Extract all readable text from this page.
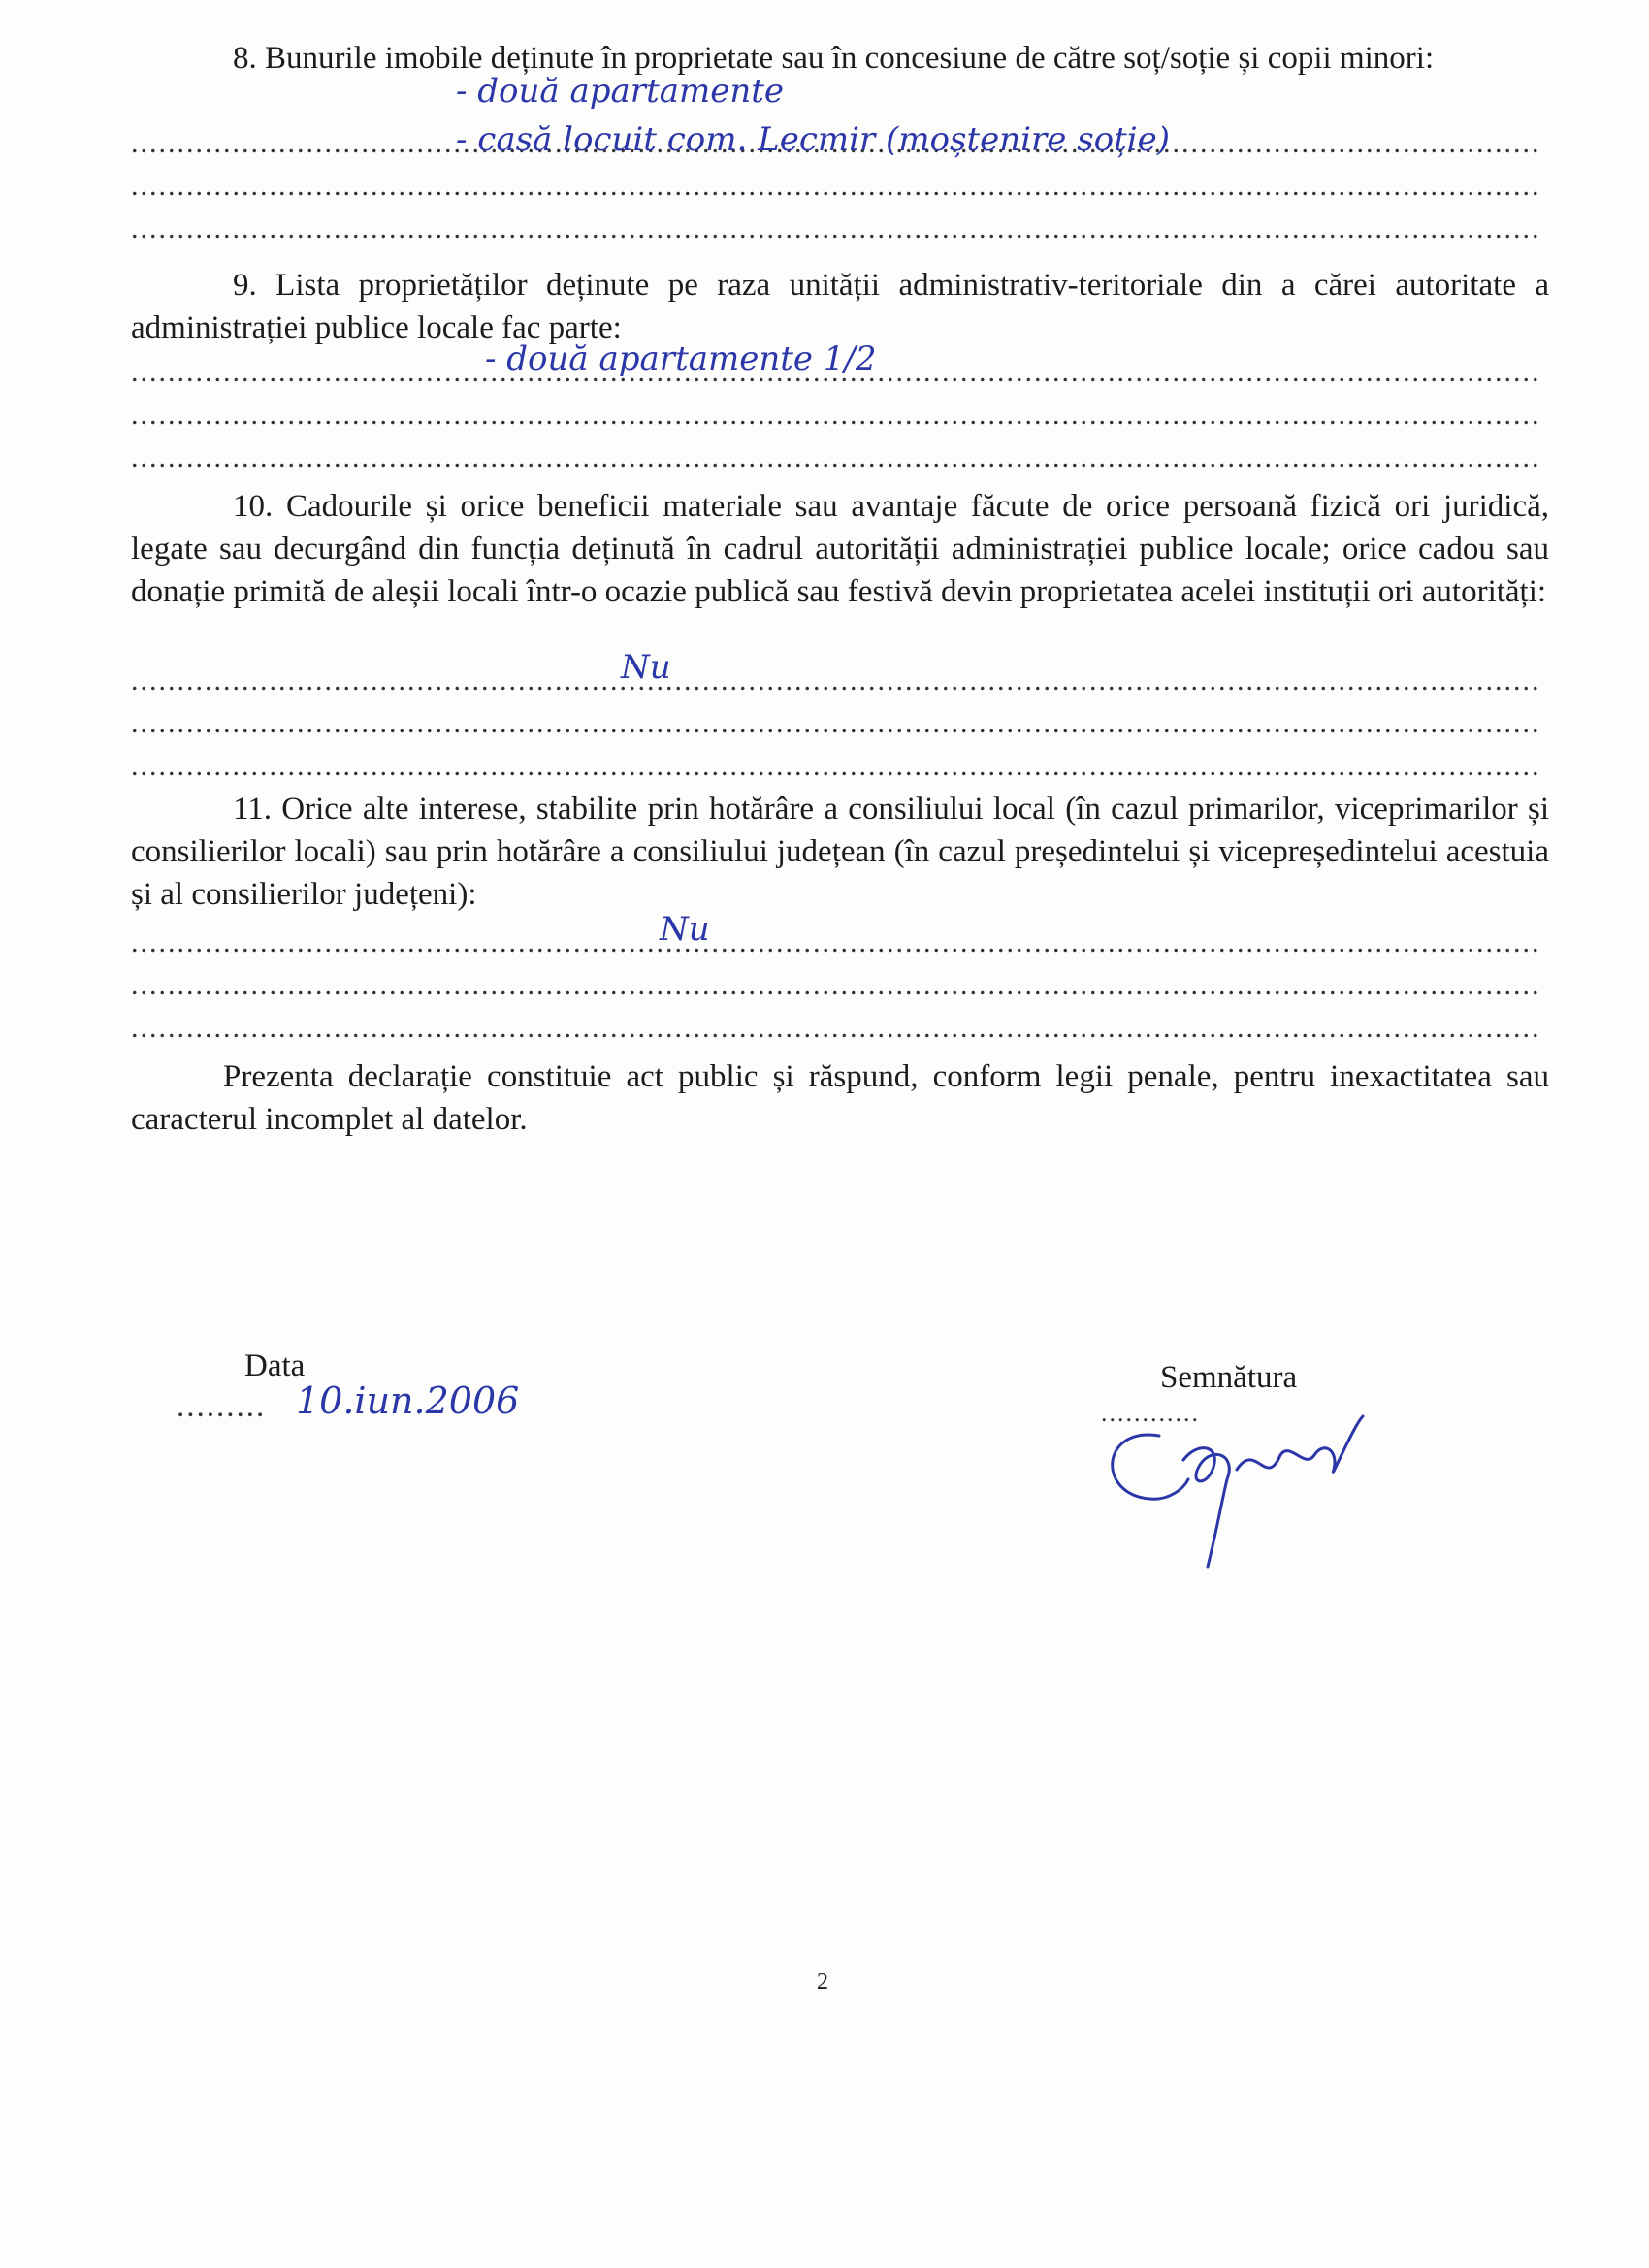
8. Bunurile imobile deținute în proprietate sau în concesiune de către soț/soție și copii minori:

.....
.....
.....
- două apartamente
- casă locuit com. Lecmir (moștenire soție)

9. Lista proprietăților deținute pe raza unității administrativ-teritoriale din a cărei autoritate a administrației publice locale fac parte:

.....
.....
.....
- două apartamente 1/2

10. Cadourile și orice beneficii materiale sau avantaje făcute de orice persoană fizică ori juridică, legate sau decurgând din funcția deținută în cadrul autorității administrației publice locale; orice cadou sau donație primită de aleșii locali într-o ocazie publică sau festivă devin proprietatea acelei instituții ori autorități:

.....
.....
.....
Nu

11. Orice alte interese, stabilite prin hotărâre a consiliului local (în cazul primarilor, viceprimarilor și consilierilor locali) sau prin hotărâre a consiliului județean (în cazul președintelui și vicepreședintelui acestuia și al consilierilor județeni):

.....
.....
.....
Nu

Prezenta declarație constituie act public și răspund, conform legii penale, pentru inexactitatea sau caracterul incomplet al datelor.

Data
......... 10.iun.2006
Semnătura
............
2
